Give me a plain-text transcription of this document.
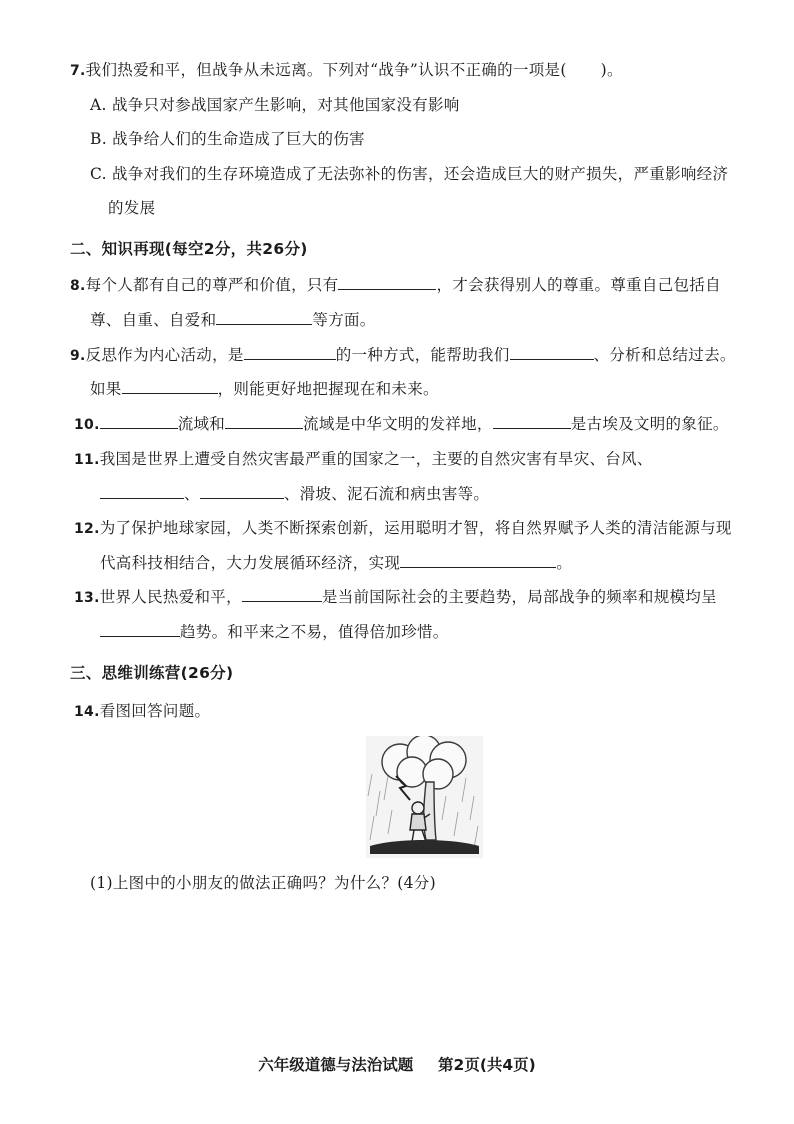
7.我们热爱和平，但战争从未远离。下列对“战争”认识不正确的一项是( )。
A. 战争只对参战国家产生影响，对其他国家没有影响
B. 战争给人们的生命造成了巨大的伤害
C. 战争对我们的生存环境造成了无法弥补的伤害，还会造成巨大的财产损失，严重影响经济
的发展
二、知识再现(每空2分，共26分)
8.每个人都有自己的尊严和价值，只有	，才会获得别人的尊重。尊重自己包括自
尊、自重、自爱和	等方面。
9.反思作为内心活动，是	的一种方式，能帮助我们	、分析和总结过去。
如果	，则能更好地把握现在和未来。
10.	流域和	流域是中华文明的发祥地，	是古埃及文明的象征。
11.我国是世界上遭受自然灾害最严重的国家之一，主要的自然灾害有旱灾、台风、
、	、滑坡、泥石流和病虫害等。
12.为了保护地球家园，人类不断探索创新，运用聪明才智，将自然界赋予人类的清洁能源与现
代高科技相结合，大力发展循环经济，实现	。
13.世界人民热爱和平，	是当前国际社会的主要趋势，局部战争的频率和规模均呈
趋势。和平来之不易，值得倍加珍惜。
三、思维训练营(26分)
14.看图回答问题。
(1)上图中的小朋友的做法正确吗？为什么？(4分)
六年级道德与法治试题 第2页(共4页)
